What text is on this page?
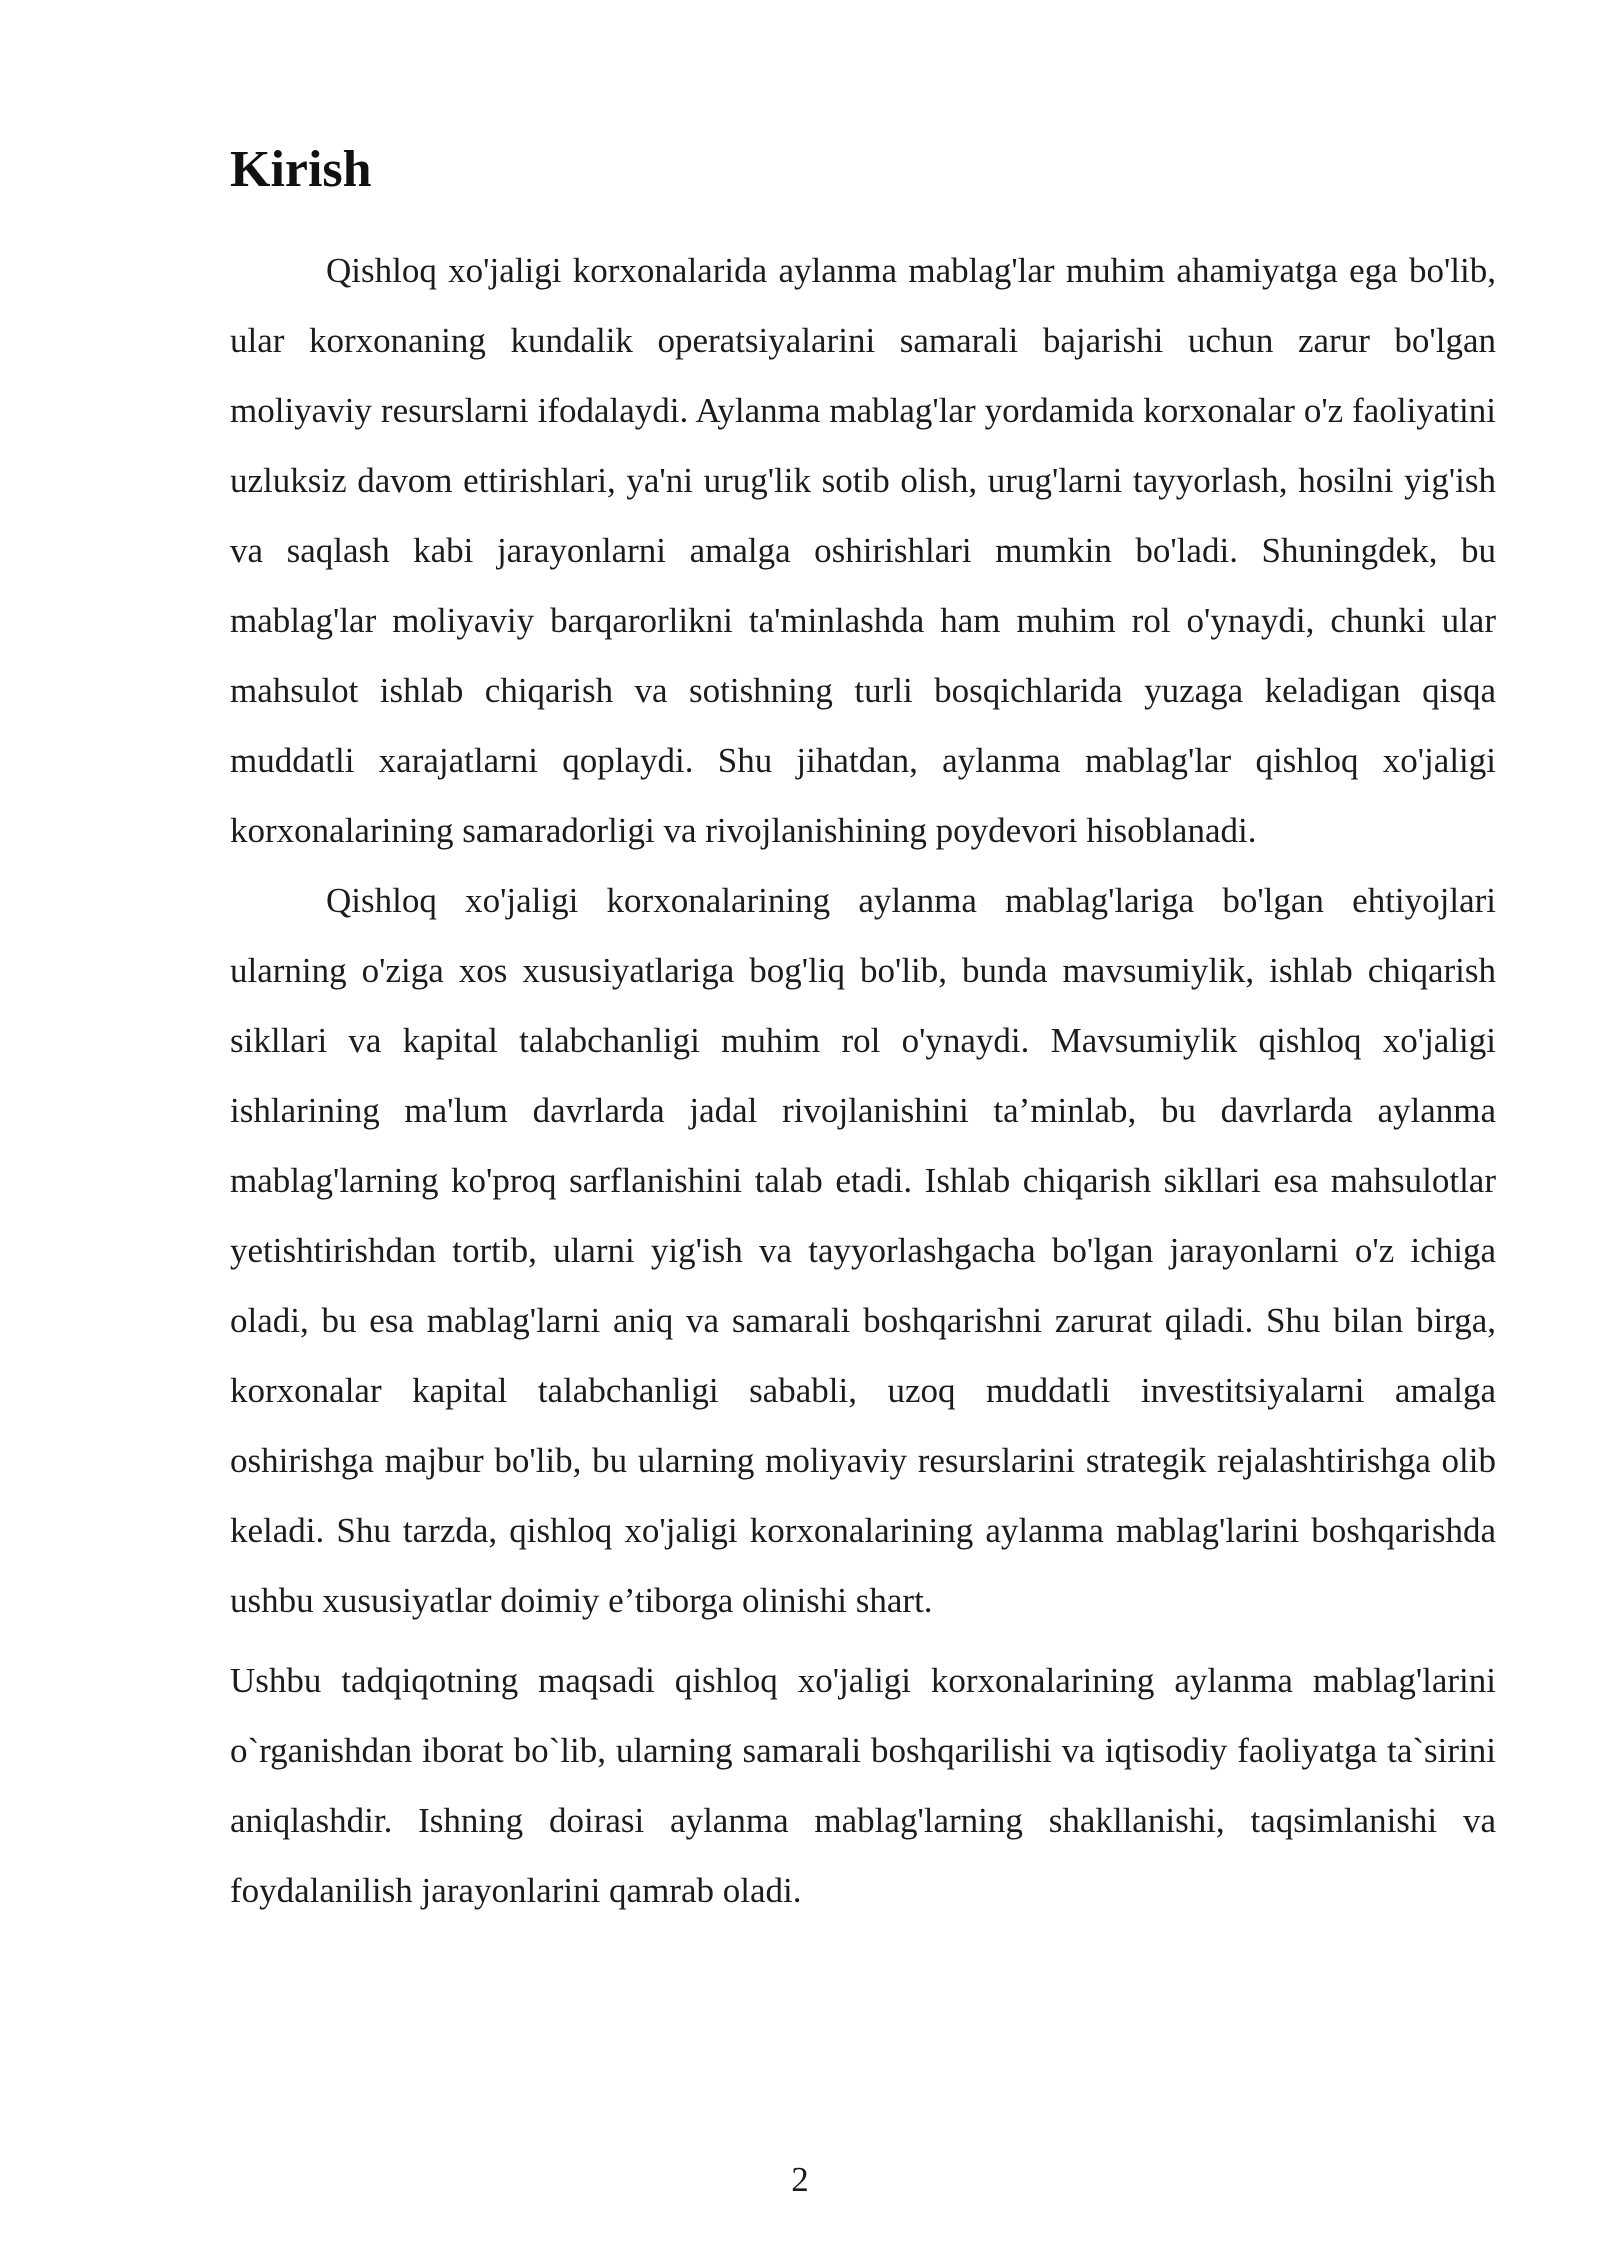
Kirish

Qishloq xo'jaligi korxonalarida aylanma mablag'lar muhim ahamiyatga ega bo'lib, ular korxonaning kundalik operatsiyalarini samarali bajarishi uchun zarur bo'lgan moliyaviy resurslarni ifodalaydi. Aylanma mablag'lar yordamida korxonalar o'z faoliyatini uzluksiz davom ettirishlari, ya'ni urug'lik sotib olish, urug'larni tayyorlash, hosilni yig'ish va saqlash kabi jarayonlarni amalga oshirishlari mumkin bo'ladi. Shuningdek, bu mablag'lar moliyaviy barqarorlikni ta'minlashda ham muhim rol o'ynaydi, chunki ular mahsulot ishlab chiqarish va sotishning turli bosqichlarida yuzaga keladigan qisqa muddatli xarajatlarni qoplaydi. Shu jihatdan, aylanma mablag'lar qishloq xo'jaligi korxonalarining samaradorligi va rivojlanishining poydevori hisoblanadi.

Qishloq xo'jaligi korxonalarining aylanma mablag'lariga bo'lgan ehtiyojlari ularning o'ziga xos xususiyatlariga bog'liq bo'lib, bunda mavsumiylik, ishlab chiqarish sikllari va kapital talabchanligi muhim rol o'ynaydi. Mavsumiylik qishloq xo'jaligi ishlarining ma'lum davrlarda jadal rivojlanishini ta’minlab, bu davrlarda aylanma mablag'larning ko'proq sarflanishini talab etadi. Ishlab chiqarish sikllari esa mahsulotlar yetishtirishdan tortib, ularni yig'ish va tayyorlashgacha bo'lgan jarayonlarni o'z ichiga oladi, bu esa mablag'larni aniq va samarali boshqarishni zarurat qiladi. Shu bilan birga, korxonalar kapital talabchanligi sababli, uzoq muddatli investitsiyalarni amalga oshirishga majbur bo'lib, bu ularning moliyaviy resurslarini strategik rejalashtirishga olib keladi. Shu tarzda, qishloq xo'jaligi korxonalarining aylanma mablag'larini boshqarishda ushbu xususiyatlar doimiy e’tiborga olinishi shart.

Ushbu tadqiqotning maqsadi qishloq xo'jaligi korxonalarining aylanma mablag'larini o`rganishdan iborat bo`lib, ularning samarali boshqarilishi va iqtisodiy faoliyatga ta`sirini aniqlashdir. Ishning doirasi aylanma mablag'larning shakllanishi, taqsimlanishi va foydalanilish jarayonlarini qamrab oladi.

2
